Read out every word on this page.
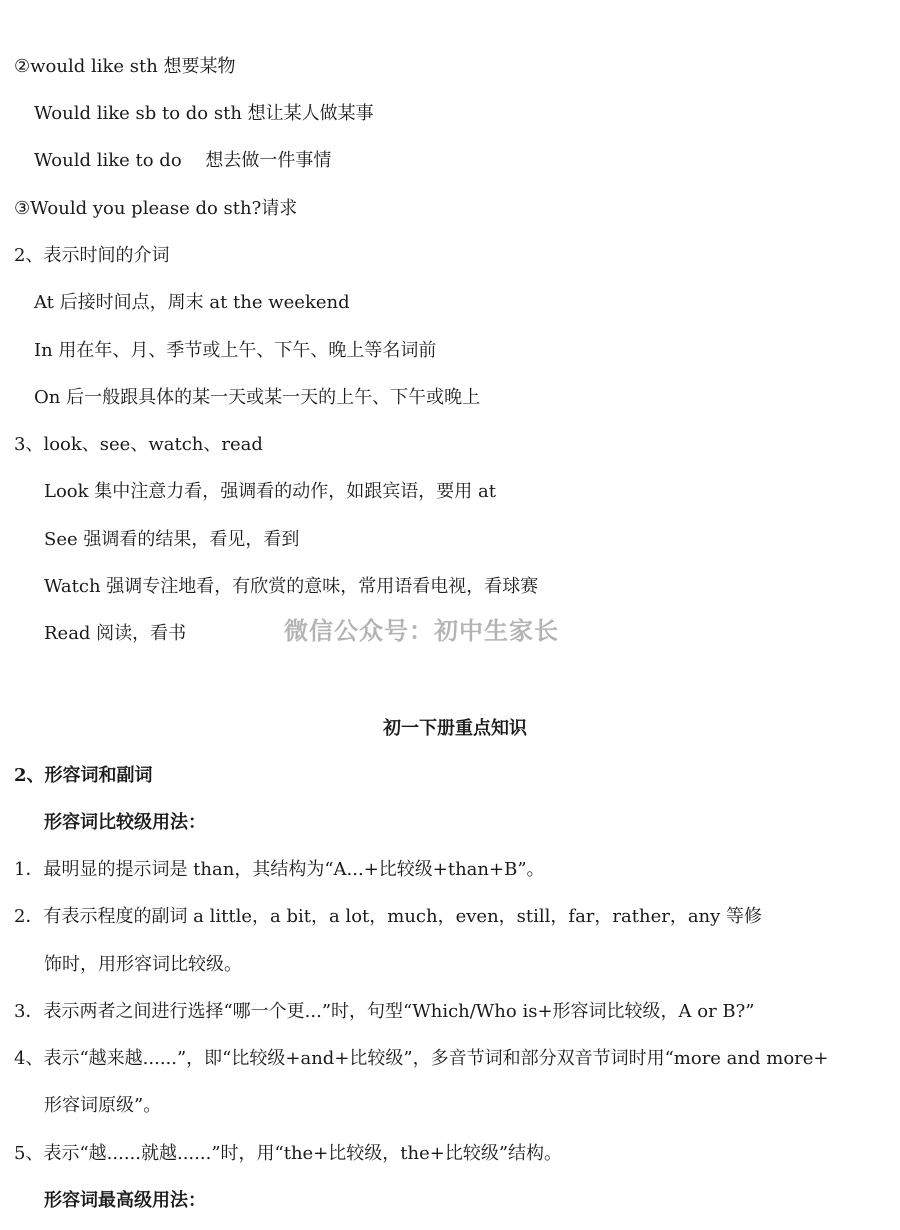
②would like sth 想要某物
Would like sb to do sth 想让某人做某事
Would like to do　 想去做一件事情
③Would you please do sth?请求
2、表示时间的介词
At 后接时间点，周末 at the weekend
In 用在年、月、季节或上午、下午、晚上等名词前
On 后一般跟具体的某一天或某一天的上午、下午或晚上
3、look、see、watch、read
Look 集中注意力看，强调看的动作，如跟宾语，要用 at
See 强调看的结果，看见，看到
Watch 强调专注地看，有欣赏的意味，常用语看电视，看球赛
Read 阅读，看书	微信公众号：初中生家长
初一下册重点知识
2、形容词和副词
形容词比较级用法：
1．最明显的提示词是 than，其结构为“A...+比较级+than+B”。
2．有表示程度的副词 a little，a bit，a lot，much，even，still，far，rather，any 等修
饰时，用形容词比较级。
3．表示两者之间进行选择“哪一个更...”时，句型“Which/Who is+形容词比较级，A or B?”
4、表示“越来越......”，即“比较级+and+比较级”，多音节词和部分双音节词时用“more and more+
形容词原级”。
5、表示“越......就越......”时，用“the+比较级，the+比较级”结构。
形容词最高级用法：
